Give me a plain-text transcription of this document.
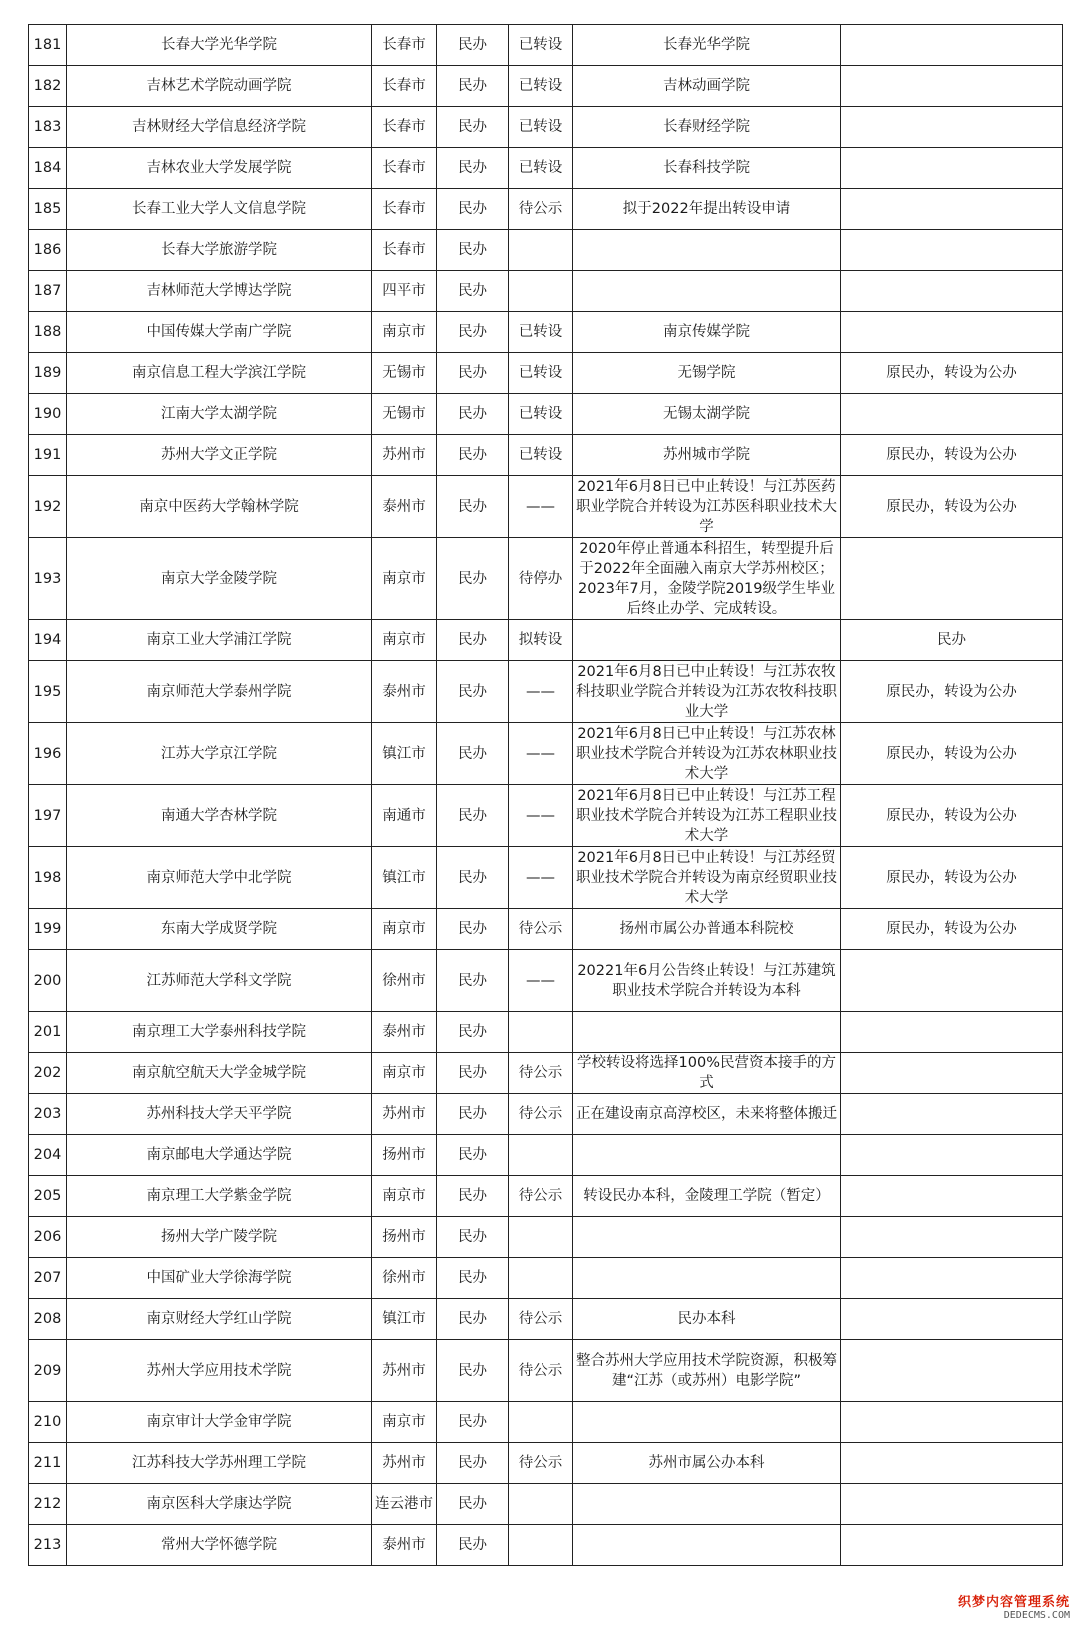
181	长春大学光华学院	长春市	民办	已转设	长春光华学院	
182	吉林艺术学院动画学院	长春市	民办	已转设	吉林动画学院	
183	吉林财经大学信息经济学院	长春市	民办	已转设	长春财经学院	
184	吉林农业大学发展学院	长春市	民办	已转设	长春科技学院	
185	长春工业大学人文信息学院	长春市	民办	待公示	拟于2022年提出转设申请	
186	长春大学旅游学院	长春市	民办			
187	吉林师范大学博达学院	四平市	民办			
188	中国传媒大学南广学院	南京市	民办	已转设	南京传媒学院	
189	南京信息工程大学滨江学院	无锡市	民办	已转设	无锡学院	原民办，转设为公办
190	江南大学太湖学院	无锡市	民办	已转设	无锡太湖学院	
191	苏州大学文正学院	苏州市	民办	已转设	苏州城市学院	原民办，转设为公办
192	南京中医药大学翰林学院	泰州市	民办	——	2021年6月8日已中止转设！与江苏医药职业学院合并转设为江苏医科职业技术大学	原民办，转设为公办
193	南京大学金陵学院	南京市	民办	待停办	2020年停止普通本科招生，转型提升后于2022年全面融入南京大学苏州校区；2023年7月，金陵学院2019级学生毕业后终止办学、完成转设。	
194	南京工业大学浦江学院	南京市	民办	拟转设		民办
195	南京师范大学泰州学院	泰州市	民办	——	2021年6月8日已中止转设！与江苏农牧科技职业学院合并转设为江苏农牧科技职业大学	原民办，转设为公办
196	江苏大学京江学院	镇江市	民办	——	2021年6月8日已中止转设！与江苏农林职业技术学院合并转设为江苏农林职业技术大学	原民办，转设为公办
197	南通大学杏林学院	南通市	民办	——	2021年6月8日已中止转设！与江苏工程职业技术学院合并转设为江苏工程职业技术大学	原民办，转设为公办
198	南京师范大学中北学院	镇江市	民办	——	2021年6月8日已中止转设！与江苏经贸职业技术学院合并转设为南京经贸职业技术大学	原民办，转设为公办
199	东南大学成贤学院	南京市	民办	待公示	扬州市属公办普通本科院校	原民办，转设为公办
200	江苏师范大学科文学院	徐州市	民办	——	20221年6月公告终止转设！与江苏建筑职业技术学院合并转设为本科	
201	南京理工大学泰州科技学院	泰州市	民办			
202	南京航空航天大学金城学院	南京市	民办	待公示	学校转设将选择100%民营资本接手的方式	
203	苏州科技大学天平学院	苏州市	民办	待公示	正在建设南京高淳校区，未来将整体搬迁	
204	南京邮电大学通达学院	扬州市	民办			
205	南京理工大学紫金学院	南京市	民办	待公示	转设民办本科，金陵理工学院（暂定）	
206	扬州大学广陵学院	扬州市	民办			
207	中国矿业大学徐海学院	徐州市	民办			
208	南京财经大学红山学院	镇江市	民办	待公示	民办本科	
209	苏州大学应用技术学院	苏州市	民办	待公示	整合苏州大学应用技术学院资源，积极筹建“江苏（或苏州）电影学院”	
210	南京审计大学金审学院	南京市	民办			
211	江苏科技大学苏州理工学院	苏州市	民办	待公示	苏州市属公办本科	
212	南京医科大学康达学院	连云港市	民办			
213	常州大学怀德学院	泰州市	民办			
织梦内容管理系统
DEDECMS.COM
